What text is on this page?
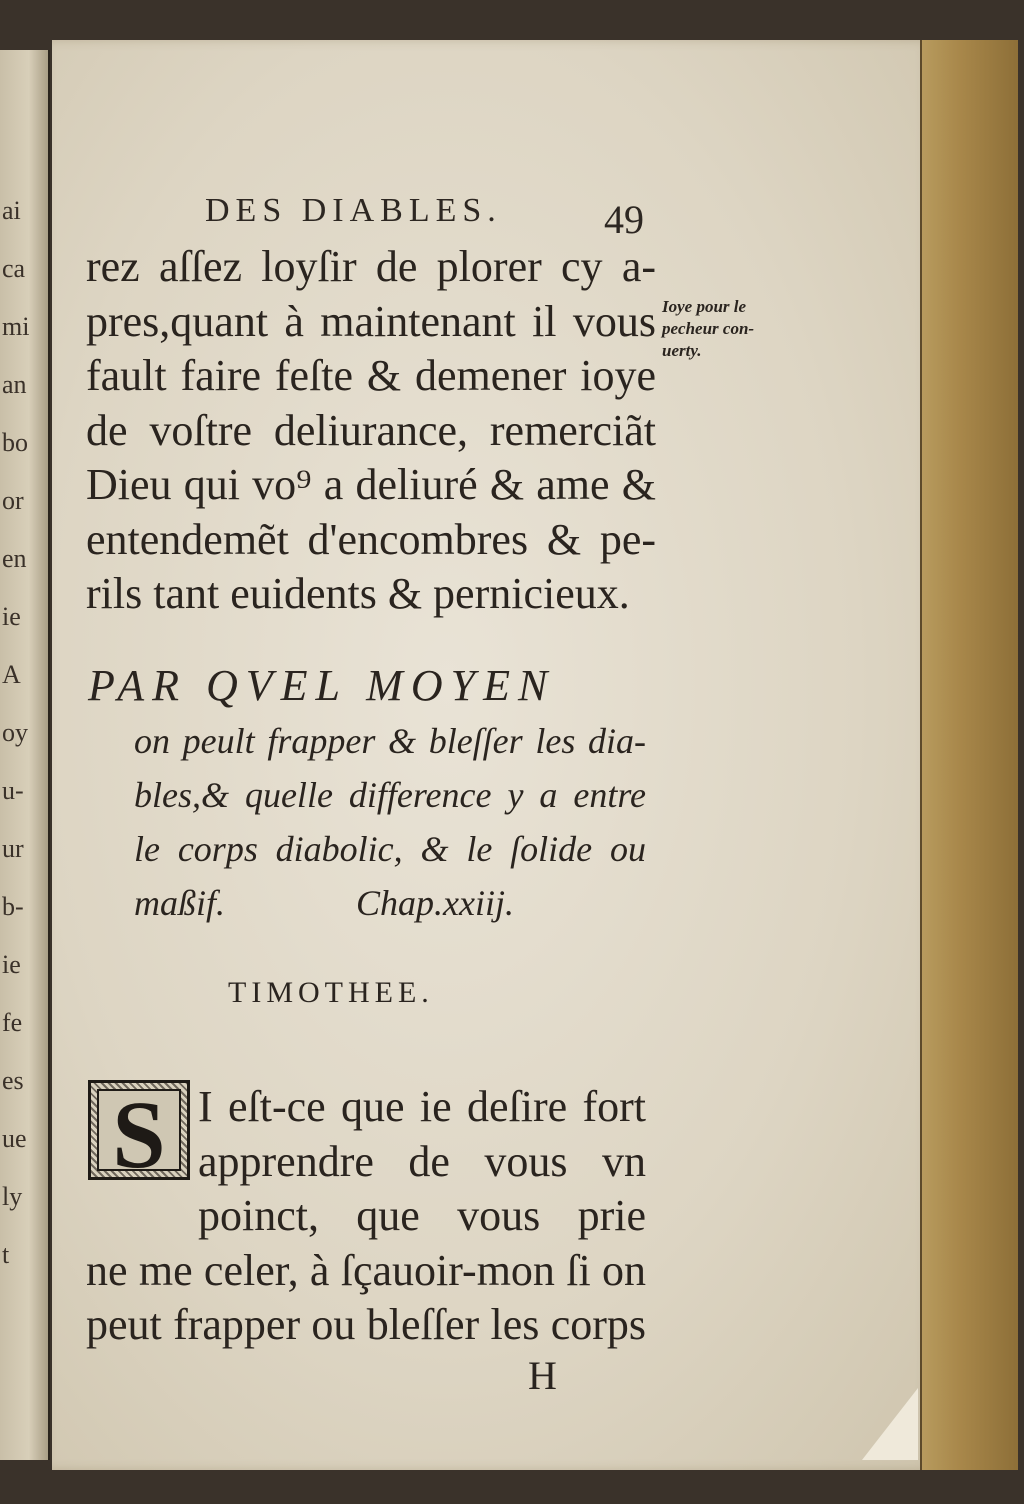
ai
ca
mi
an
bo
or
en
ie
A
oy
u-
ur
b-
ie
fe
es
ue
ly
t
DES DIABLES.	49
rez aſſez loyſir de plorer cy a-
pres,quant à maintenant il vous
fault faire feſte & demener ioye
de voſtre deliurance, remerciãt
Dieu qui vo⁹ a deliuré & ame &
entendemẽt d'encombres & pe-
rils tant euidents & pernicieux.
Ioye pour le
pecheur con-
uerty.
PAR QVEL MOYEN
on peult frapper & bleſſer les dia-
bles,& quelle difference y a entre
le corps diabolic, & le ſolide ou
maßif.	Chap.xxiij.
TIMOTHEE.
S I eſt-ce que ie deſire fort
apprendre de vous vn
poinct, que vous prie
ne me celer, à ſçauoir-mon ſi on
peut frapper ou bleſſer les corps
H
